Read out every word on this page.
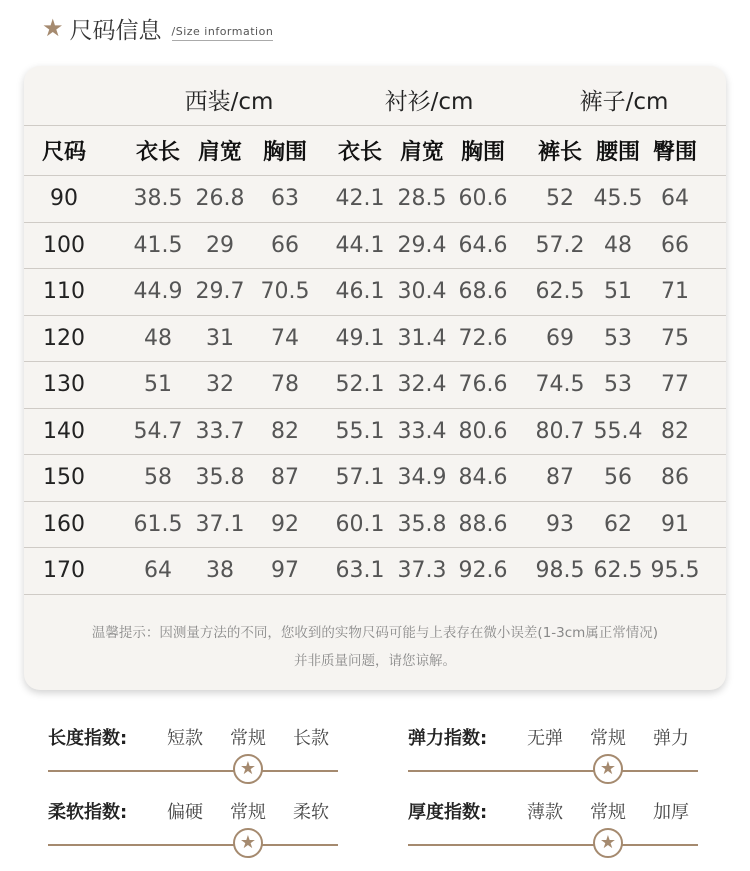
★ 尺码信息 /Size information
西装/cm	衬衫/cm	裤子/cm
尺码	衣长 肩宽 胸围	衣长 肩宽 胸围	裤长 腰围 臀围
90	38.5 26.8	63	42.1 28.5 60.6	52 45.5 64
100	41.5	29	66	44.1 29.4 64.6	57.2 48	66
110	44.9 29.7 70.5	46.1 30.4 68.6	62.5 51	71
120	48	31	74	49.1 31.4 72.6	69	53	75
130	51	32	78	52.1 32.4 76.6	74.5 53	77
140	54.7 33.7	82	55.1 33.4 80.6	80.7 55.4 82
150	58	35.8	87	57.1 34.9 84.6	87	56	86
160	61.5 37.1	92	60.1 35.8 88.6	93	62	91
170	64	38	97	63.1 37.3 92.6	98.5 62.5 95.5
温馨提示：因测量方法的不同，您收到的实物尺码可能与上表存在微小误差(1-3cm属正常情况)
并非质量问题，请您谅解。
长度指数:	短款	常规	长款
★
弹力指数:	无弹	常规	弹力
★
柔软指数:	偏硬	常规	柔软
★
厚度指数:	薄款	常规	加厚
★
